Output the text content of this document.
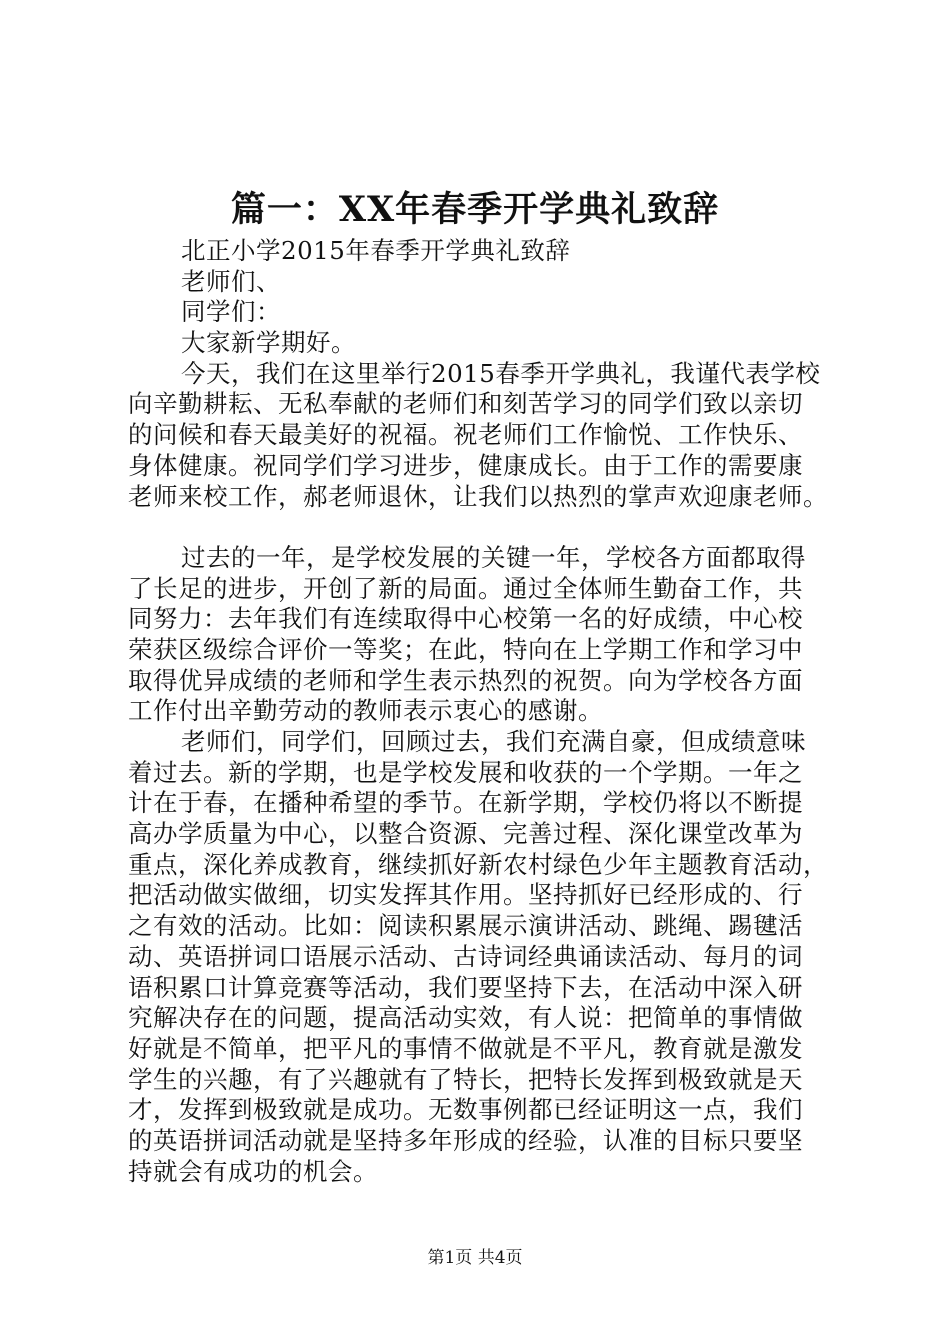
篇一：XX年春季开学典礼致辞
北正小学2015年春季开学典礼致辞
老师们、
同学们：
大家新学期好。
今天，我们在这里举行2015春季开学典礼，我谨代表学校
向辛勤耕耘、无私奉献的老师们和刻苦学习的同学们致以亲切
的问候和春天最美好的祝福。祝老师们工作愉悦、工作快乐、
身体健康。祝同学们学习进步，健康成长。由于工作的需要康
老师来校工作，郝老师退休，让我们以热烈的掌声欢迎康老师。
过去的一年，是学校发展的关键一年，学校各方面都取得
了长足的进步，开创了新的局面。通过全体师生勤奋工作，共
同努力：去年我们有连续取得中心校第一名的好成绩，中心校
荣获区级综合评价一等奖；在此，特向在上学期工作和学习中
取得优异成绩的老师和学生表示热烈的祝贺。向为学校各方面
工作付出辛勤劳动的教师表示衷心的感谢。
老师们，同学们，回顾过去，我们充满自豪，但成绩意味
着过去。新的学期，也是学校发展和收获的一个学期。一年之
计在于春，在播种希望的季节。在新学期，学校仍将以不断提
高办学质量为中心，以整合资源、完善过程、深化课堂改革为
重点，深化养成教育，继续抓好新农村绿色少年主题教育活动，
把活动做实做细，切实发挥其作用。坚持抓好已经形成的、行
之有效的活动。比如：阅读积累展示演讲活动、跳绳、踢毽活
动、英语拼词口语展示活动、古诗词经典诵读活动、每月的词
语积累口计算竞赛等活动，我们要坚持下去，在活动中深入研
究解决存在的问题，提高活动实效，有人说：把简单的事情做
好就是不简单，把平凡的事情不做就是不平凡，教育就是激发
学生的兴趣，有了兴趣就有了特长，把特长发挥到极致就是天
才，发挥到极致就是成功。无数事例都已经证明这一点，我们
的英语拼词活动就是坚持多年形成的经验，认准的目标只要坚
持就会有成功的机会。
第1页 共4页
